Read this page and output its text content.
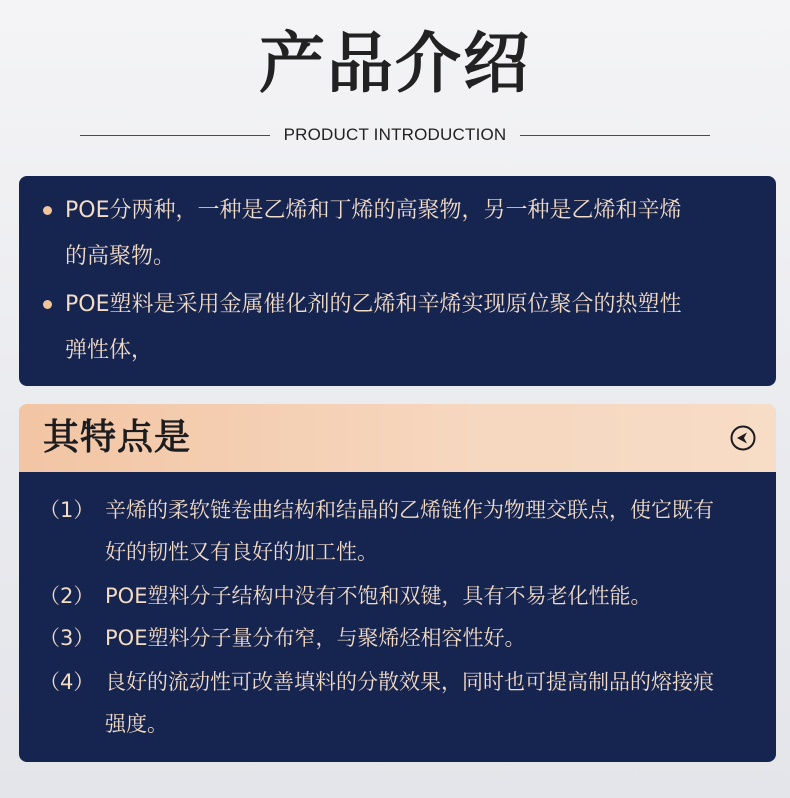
产品介绍
PRODUCT INTRODUCTION
POE分两种，一种是乙烯和丁烯的高聚物，另一种是乙烯和辛烯
的高聚物。
POE塑料是采用金属催化剂的乙烯和辛烯实现原位聚合的热塑性
弹性体，
其特点是
（1） 辛烯的柔软链卷曲结构和结晶的乙烯链作为物理交联点，使它既有
好的韧性又有良好的加工性。
（2） POE塑料分子结构中没有不饱和双键，具有不易老化性能。
（3） POE塑料分子量分布窄，与聚烯烃相容性好。
（4） 良好的流动性可改善填料的分散效果，同时也可提高制品的熔接痕
强度。
